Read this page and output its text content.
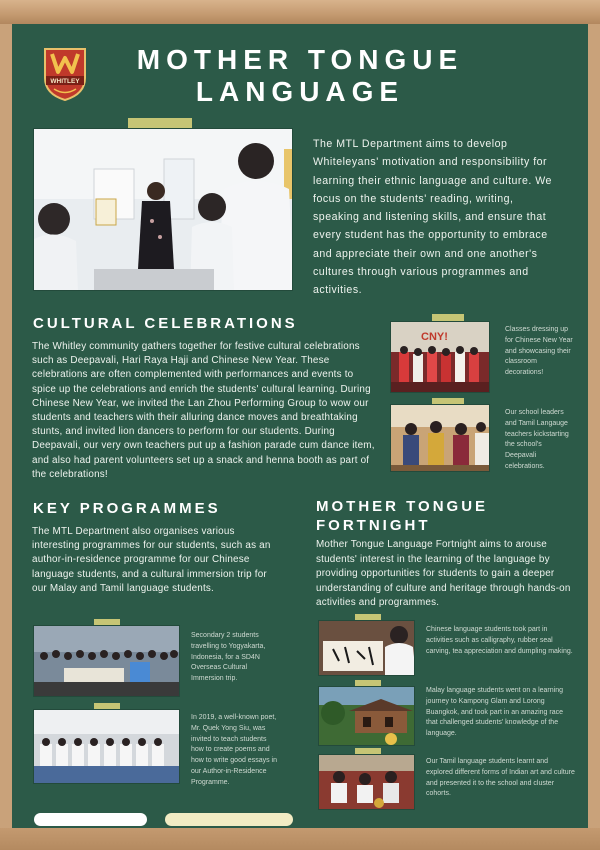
WHITLEY
MOTHER TONGUE
LANGUAGE
The MTL Department aims to develop Whiteleyans' motivation and responsibility for learning their ethnic language and culture. We focus on the students' reading, writing, speaking and listening skills, and ensure that every student has the opportunity to embrace and appreciate their own and one another's cultures through various programmes and activities.
CULTURAL CELEBRATIONS
The Whitley community gathers together for festive cultural celebrations such as Deepavali, Hari Raya Haji and Chinese New Year. These celebrations are often complemented with performances and events to spice up the celebrations and enrich the students' cultural learning. During Chinese New Year, we invited the Lan Zhou Performing Group to wow our students and teachers with their alluring dance moves and breathtaking stunts, and invited lion dancers to perform for our students. During Deepavali, our very own teachers put up a fashion parade cum dance item, and also had parent volunteers set up a snack and henna booth as part of the celebrations!
CNY!
Classes dressing up for Chinese New Year and showcasing their classroom decorations!
Our school leaders and Tamil Langauge teachers kickstarting the school's Deepavali celebrations.
KEY PROGRAMMES
The MTL Department also organises various interesting programmes for our students, such as an author-in-residence programme for our Chinese language students, and a cultural immersion trip for our Malay and Tamil language students.
Secondary 2 students travelling to Yogyakarta, Indonesia, for a SD4N Overseas Cultural Immersion trip.
In 2019, a well-known poet, Mr. Quek Yong Siu, was invited to teach students how to create poems and how to write good essays in our Author-in-Residence Programme.
MOTHER TONGUE
FORTNIGHT
Mother Tongue Language Fortnight aims to arouse students' interest in the learning of the language by providing opportunities for students to gain a deeper understanding of culture and heritage through hands-on activities and programmes.
Chinese language students took part in activities such as calligraphy, rubber seal carving, tea appreciation and dumpling making.
Malay language students went on a learning journey to Kampong Glam and Lorong Buangkok, and took part in an amazing race that challenged students' knowledge of the language.
Our Tamil language students learnt and explored different forms of Indian art and culture and presented it to the school and cluster cohorts.
